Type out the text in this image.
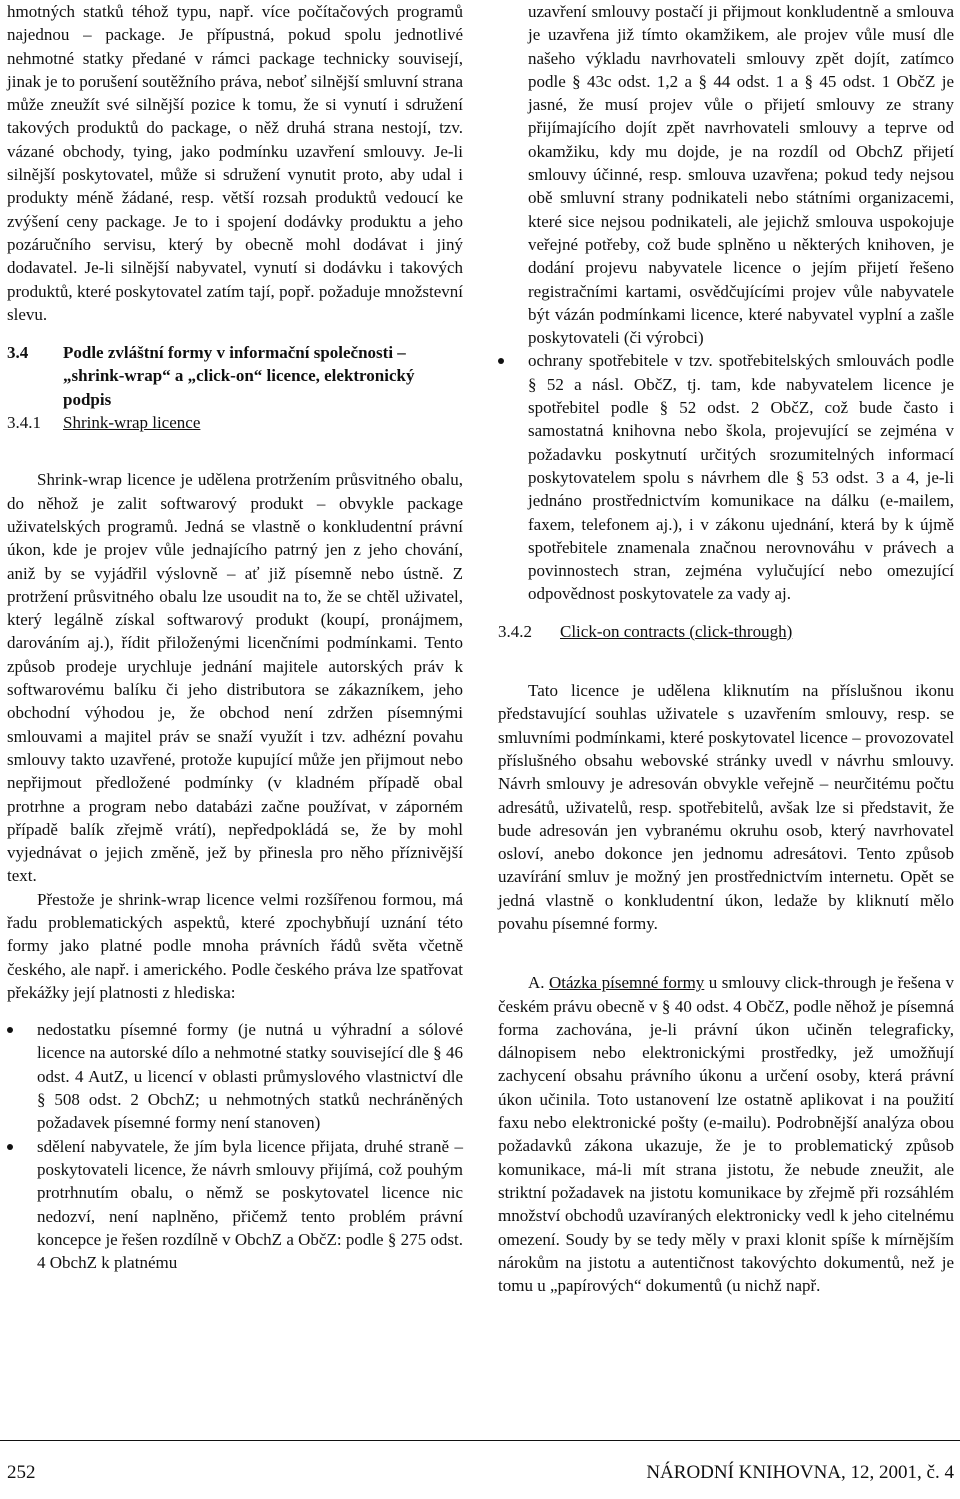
hmotných statků téhož typu, např. více počítačových programů najednou – package. Je přípustná, pokud spolu jednotlivé nehmotné statky předané v rámci package technicky souvisejí, jinak je to porušení soutěžního práva, neboť silnější smluvní strana může zneužít své silnější pozice k tomu, že si vynutí i sdružení takových produktů do package, o něž druhá strana nestojí, tzv. vázané obchody, tying, jako podmínku uzavření smlouvy. Je-li silnější poskytovatel, může si sdružení vynutit proto, aby udal i produkty méně žádané, resp. větší rozsah produktů vedoucí ke zvýšení ceny package. Je to i spojení dodávky produktu a jeho pozáručního servisu, který by obecně mohl dodávat i jiný dodavatel. Je-li silnější nabyvatel, vynutí si dodávku i takových produktů, které poskytovatel zatím tají, popř. požaduje množstevní slevu.

3.4	Podle zvláštní formy v informační společnosti – „shrink-wrap“ a „click-on“ licence, elektronický podpis
3.4.1	Shrink-wrap licence

Shrink-wrap licence je udělena protržením průsvitného obalu, do něhož je zalit softwarový produkt – obvykle package uživatelských programů. Jedná se vlastně o konkludentní právní úkon, kde je projev vůle jednajícího patrný jen z jeho chování, aniž by se vyjádřil výslovně – ať již písemně nebo ústně. Z protržení průsvitného obalu lze usoudit na to, že se chtěl uživatel, který legálně získal softwarový produkt (koupí, pronájmem, darováním aj.), řídit přiloženými licenčními podmínkami. Tento způsob prodeje urychluje jednání majitele autorských práv k softwarovému balíku či jeho distributora se zákazníkem, jeho obchodní výhodou je, že obchod není zdržen písemnými smlouvami a majitel práv se snaží využít i tzv. adhézní povahu smlouvy takto uzavřené, protože kupující může jen přijmout nebo nepřijmout předložené podmínky (v kladném případě obal protrhne a program nebo databázi začne používat, v záporném případě balík zřejmě vrátí), nepředpokládá se, že by mohl vyjednávat o jejich změně, jež by přinesla pro něho příznivější text.

Přestože je shrink-wrap licence velmi rozšířenou formou, má řadu problematických aspektů, které zpochybňují uznání této formy jako platné podle mnoha právních řádů světa včetně českého, ale např. i amerického. Podle českého práva lze spatřovat překážky její platnosti z hlediska:

nedostatku písemné formy (je nutná u výhradní a sólové licence na autorské dílo a nehmotné statky související dle § 46 odst. 4 AutZ, u licencí v oblasti průmyslového vlastnictví dle § 508 odst. 2 ObchZ; u nehmotných statků nechráněných požadavek písemné formy není stanoven)
sdělení nabyvatele, že jím byla licence přijata, druhé straně – poskytovateli licence, že návrh smlouvy přijímá, což pouhým protrhnutím obalu, o němž se poskytovatel licence nic nedozví, není naplněno, přičemž tento problém právní koncepce je řešen rozdílně v ObchZ a ObčZ: podle § 275 odst. 4 ObchZ k platnému
uzavření smlouvy postačí ji přijmout konkludentně a smlouva je uzavřena již tímto okamžikem, ale projev vůle musí dle našeho výkladu navrhovateli smlouvy zpět dojít, zatímco podle § 43c odst. 1,2 a § 44 odst. 1 a § 45 odst. 1 ObčZ je jasné, že musí projev vůle o přijetí smlouvy ze strany přijímajícího dojít zpět navrhovateli smlouvy a teprve od okamžiku, kdy mu dojde, je na rozdíl od ObchZ přijetí smlouvy účinné, resp. smlouva uzavřena; pokud tedy nejsou obě smluvní strany podnikateli nebo státními organizacemi, které sice nejsou podnikateli, ale jejichž smlouva uspokojuje veřejné potřeby, což bude splněno u některých knihoven, je dodání projevu nabyvatele licence o jejím přijetí řešeno registračními kartami, osvědčujícími projev vůle nabyvatele být vázán podmínkami licence, které nabyvatel vyplní a zašle poskytovateli (či výrobci)
ochrany spotřebitele v tzv. spotřebitelských smlouvách podle § 52 a násl. ObčZ, tj. tam, kde nabyvatelem licence je spotřebitel podle § 52 odst. 2 ObčZ, což bude často i samostatná knihovna nebo škola, projevující se zejména v požadavku poskytnutí určitých srozumitelných informací poskytovatelem spolu s návrhem dle § 53 odst. 3 a 4, je-li jednáno prostřednictvím komunikace na dálku (e-mailem, faxem, telefonem aj.), i v zákonu ujednání, která by k újmě spotřebitele znamenala značnou nerovnováhu v právech a povinnostech stran, zejména vylučující nebo omezující odpovědnost poskytovatele za vady aj.
3.4.2	Click-on contracts (click-through)

Tato licence je udělena kliknutím na příslušnou ikonu představující souhlas uživatele s uzavřením smlouvy, resp. se smluvními podmínkami, které poskytovatel licence – provozovatel příslušného obsahu webovské stránky uvedl v návrhu smlouvy. Návrh smlouvy je adresován obvykle veřejně – neurčitému počtu adresátů, uživatelů, resp. spotřebitelů, avšak lze si představit, že bude adresován jen vybranému okruhu osob, který navrhovatel osloví, anebo dokonce jen jednomu adresátovi. Tento způsob uzavírání smluv je možný jen prostřednictvím internetu. Opět se jedná vlastně o konkludentní úkon, ledaže by kliknutí mělo povahu písemné formy.

A. Otázka písemné formy u smlouvy click-through je řešena v českém právu obecně v § 40 odst. 4 ObčZ, podle něhož je písemná forma zachována, je-li právní úkon učiněn telegraficky, dálnopisem nebo elektronickými prostředky, jež umožňují zachycení obsahu právního úkonu a určení osoby, která právní úkon učinila. Toto ustanovení lze ostatně aplikovat i na použití faxu nebo elektronické pošty (e-mailu). Podrobnější analýza obou požadavků zákona ukazuje, že je to problematický způsob komunikace, má-li mít strana jistotu, že nebude zneužit, ale striktní požadavek na jistotu komunikace by zřejmě při rozsáhlém množství obchodů uzavíraných elektronicky vedl k jeho citelnému omezení. Soudy by se tedy měly v praxi klonit spíše k mírnějším nárokům na jistotu a autentičnost takovýchto dokumentů, než je tomu u „papírových“ dokumentů (u nichž např.

252	NÁRODNÍ KNIHOVNA, 12, 2001, č. 4
